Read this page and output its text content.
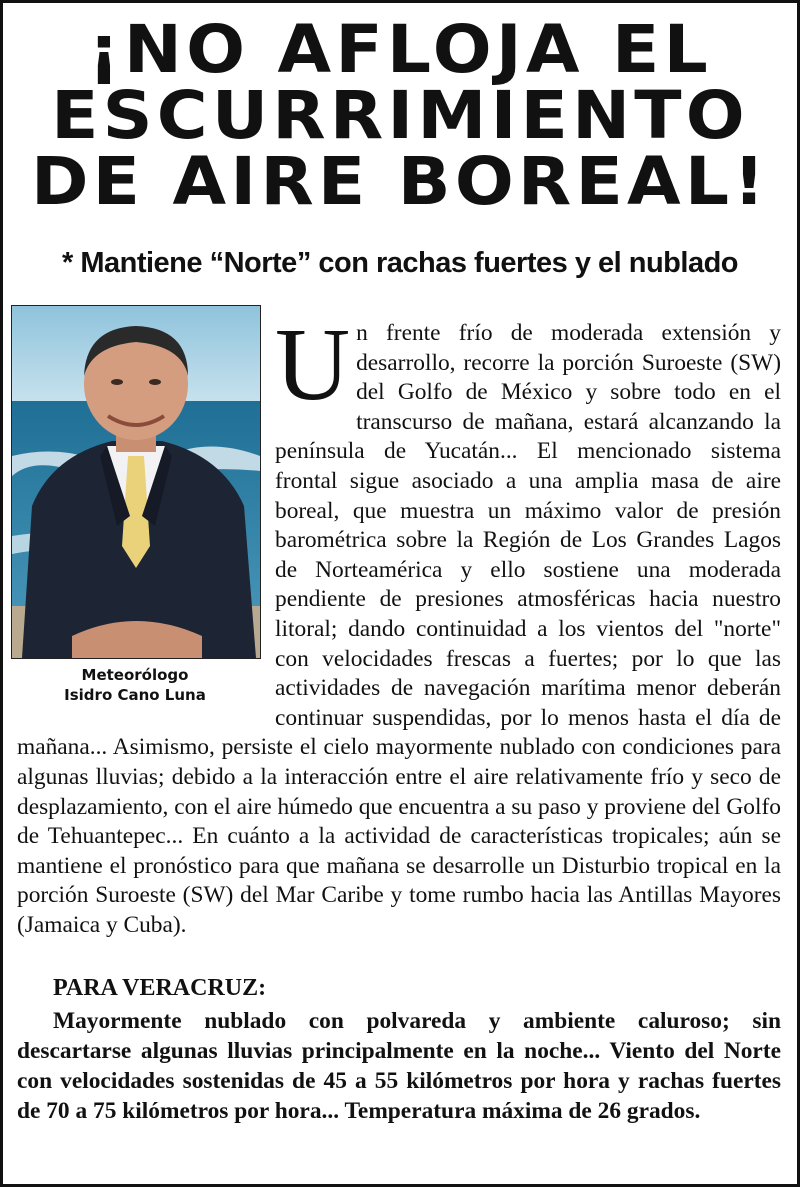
¡NO AFLOJA EL
ESCURRIMIENTO
DE AIRE BOREAL!
* Mantiene “Norte” con rachas fuertes y el nublado
Meteorólogo
Isidro Cano Luna

U n frente frío de moderada extensión y desarrollo, recorre la porción Suroeste (SW) del Golfo de México y sobre todo en el transcurso de mañana, estará alcanzando la península de Yucatán... El mencionado sistema frontal sigue asociado a una amplia masa de aire boreal, que muestra un máximo valor de presión barométrica sobre la Región de Los Grandes Lagos de Norteamérica y ello sostiene una moderada pendiente de presiones atmosféricas hacia nuestro litoral; dando continuidad a los vientos del "norte" con velocidades frescas a fuertes; por lo que las actividades de navegación marítima menor deberán continuar suspendidas, por lo menos hasta el día de mañana... Asimismo, persiste el cielo mayormente nublado con condiciones para algunas lluvias; debido a la interacción entre el aire relativamente frío y seco de desplazamiento, con el aire húmedo que encuentra a su paso y proviene del Golfo de Tehuantepec... En cuánto a la actividad de características tropicales; aún se mantiene el pronóstico para que mañana se desarrolle un Disturbio tropical en la porción Suroeste (SW) del Mar Caribe y tome rumbo hacia las Antillas Mayores (Jamaica y Cuba).

PARA VERACRUZ:

Mayormente nublado con polvareda y ambiente caluroso; sin descartarse algunas lluvias principalmente en la noche... Viento del Norte con velocidades sostenidas de 45 a 55 kilómetros por hora y rachas fuertes de 70 a 75 kilómetros por hora... Temperatura máxima de 26 grados.
